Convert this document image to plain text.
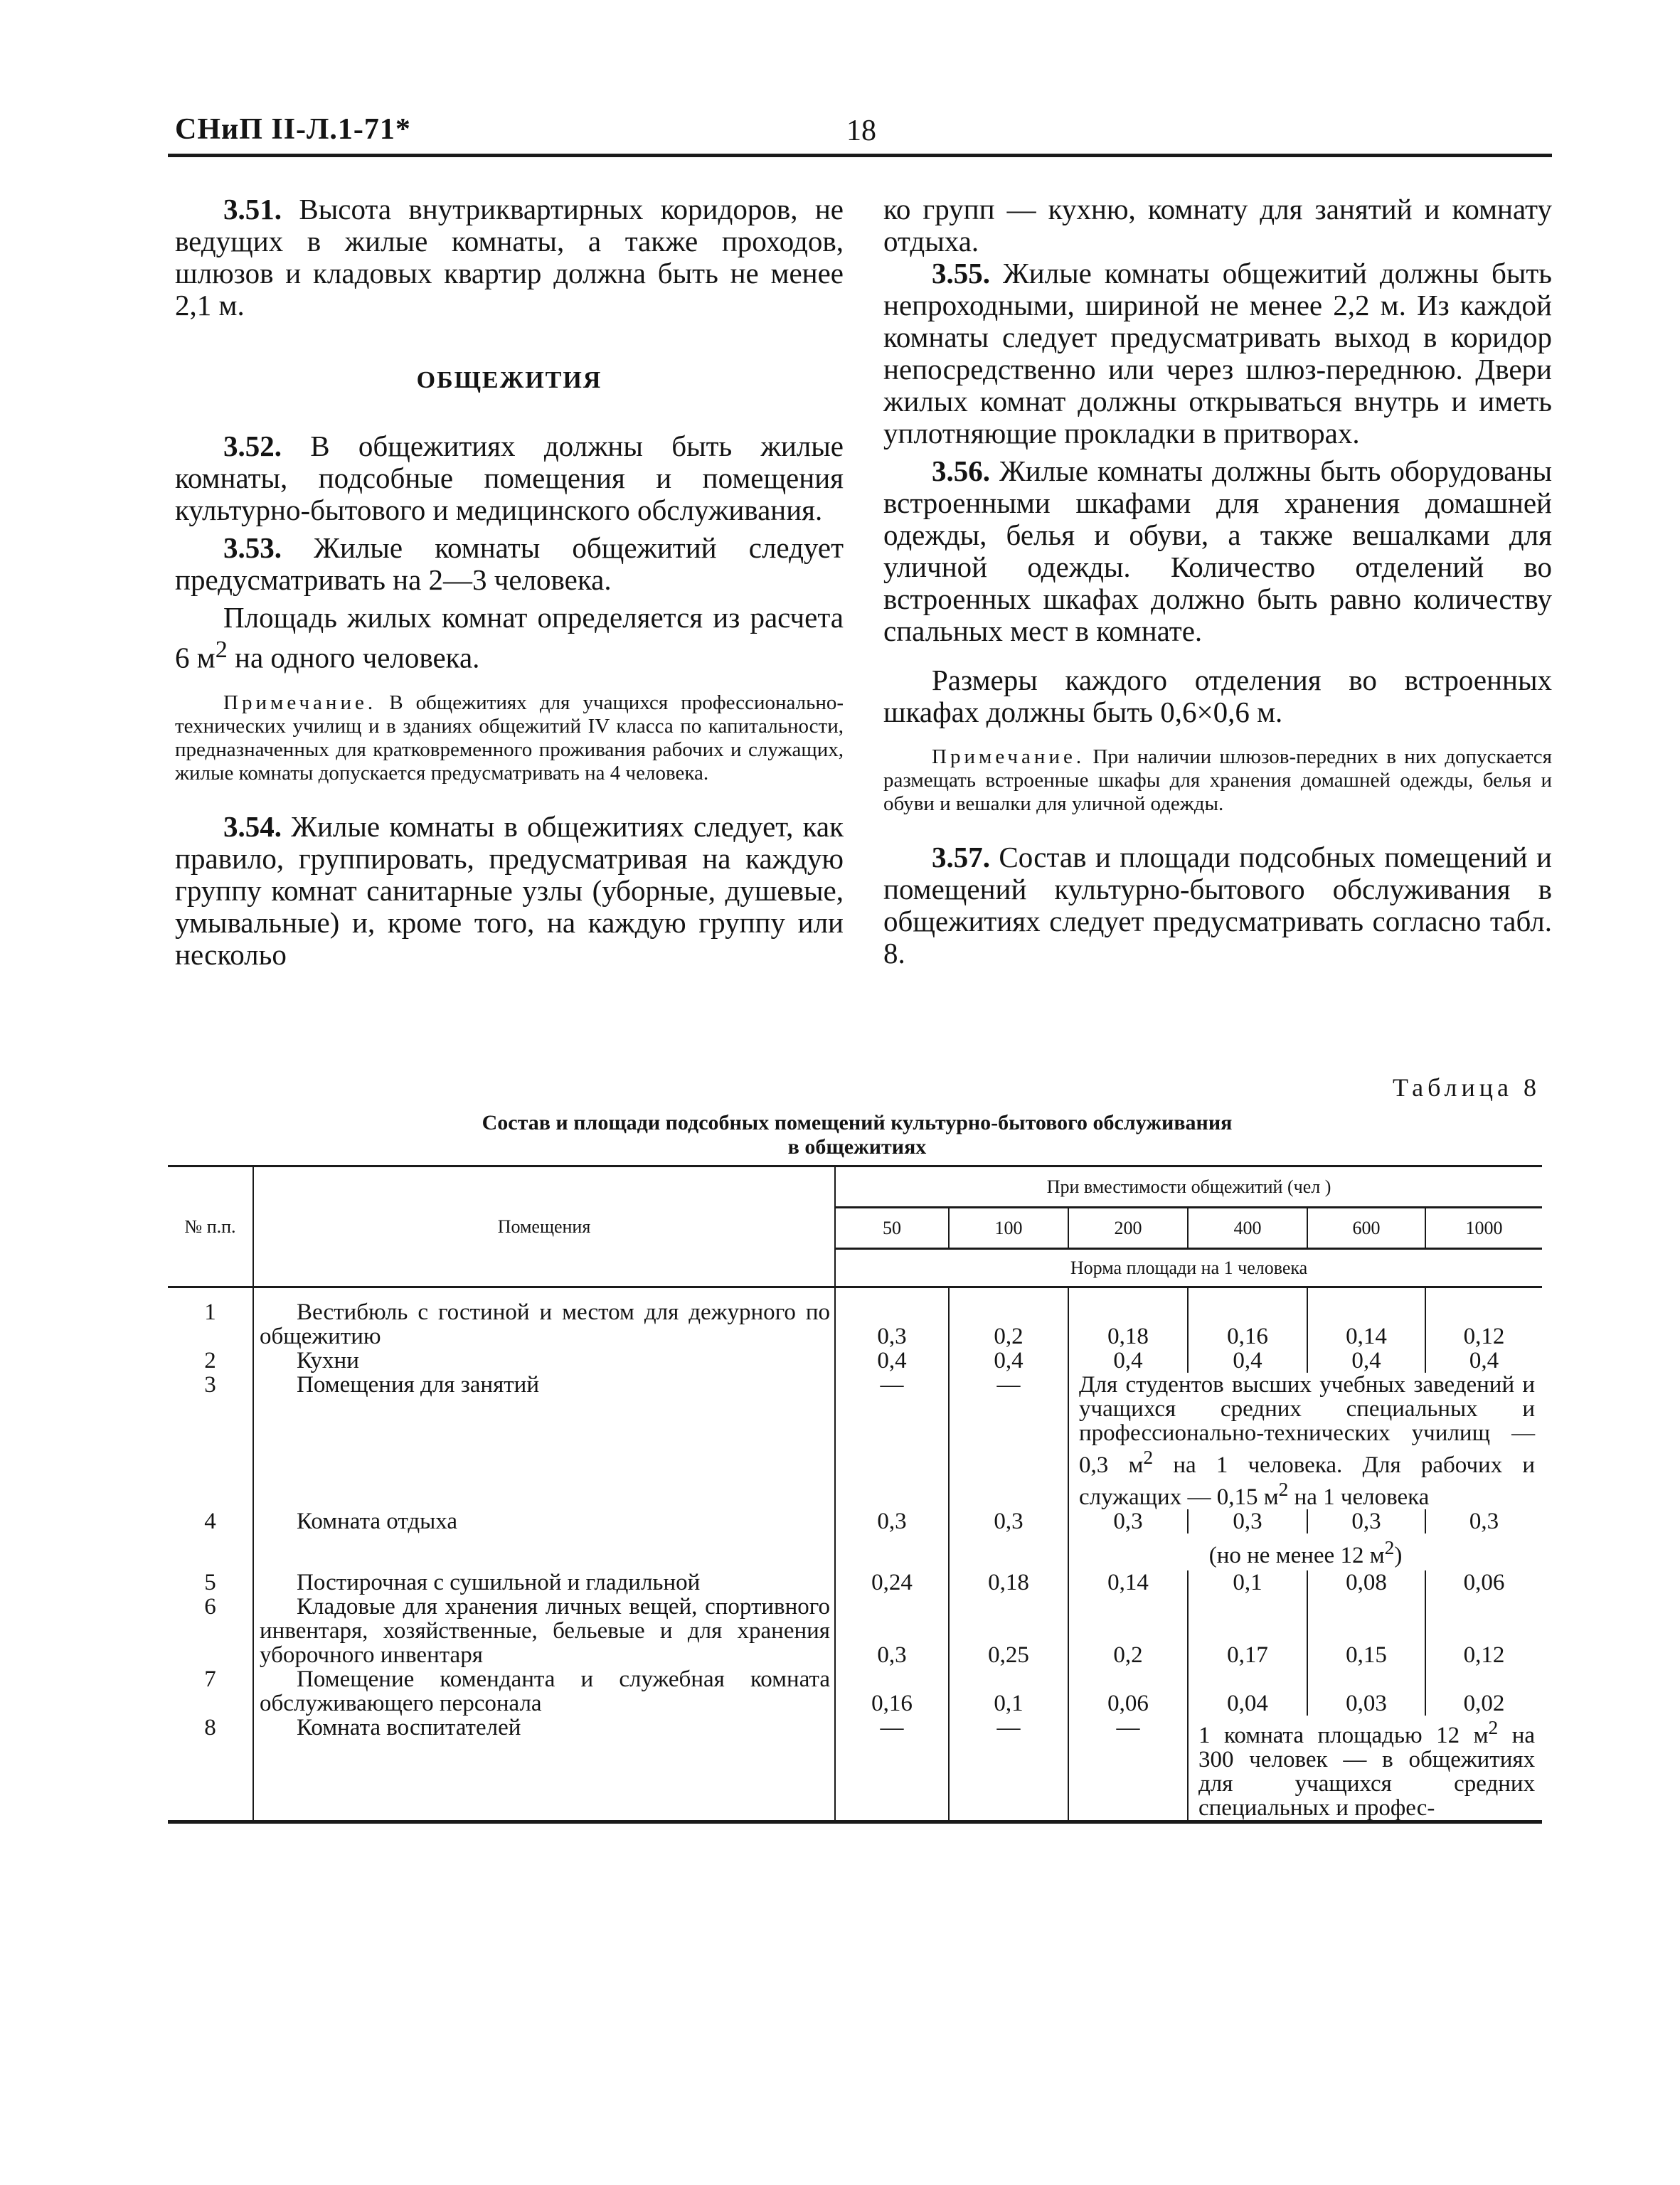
СНиП II-Л.1-71*	18

3.51. Высота внутриквартирных коридоров, не ведущих в жилые комнаты, а также проходов, шлюзов и кладовых квартир должна быть не менее 2,1 м.

ОБЩЕЖИТИЯ

3.52. В общежитиях должны быть жилые комнаты, подсобные помещения и помещения культурно-бытового и медицинского обслуживания.

3.53. Жилые комнаты общежитий следует предусматривать на 2—3 человека.

Площадь жилых комнат определяется из расчета 6 $м^2$ на одного человека.

Примечание. В общежитиях для учащихся профессионально-технических училищ и в зданиях общежитий IV класса по капитальности, предназначенных для кратковременного проживания рабочих и служащих, жилые комнаты допускается предусматривать на 4 человека.

3.54. Жилые комнаты в общежитиях следует, как правило, группировать, предусматривая на каждую группу комнат санитарные узлы (уборные, душевые, умывальные) и, кроме того, на каждую группу или нескольо

ко групп — кухню, комнату для занятий и комнату отдыха.

3.55. Жилые комнаты общежитий должны быть непроходными, шириной не менее 2,2 м. Из каждой комнаты следует предусматривать выход в коридор непосредственно или через шлюз-переднюю. Двери жилых комнат должны открываться внутрь и иметь уплотняющие прокладки в притворах.

3.56. Жилые комнаты должны быть оборудованы встроенными шкафами для хранения домашней одежды, белья и обуви, а также вешалками для уличной одежды. Количество отделений во встроенных шкафах должно быть равно количеству спальных мест в комнате.

Размеры каждого отделения во встроенных шкафах должны быть 0,6×0,6 м.

Примечание. При наличии шлюзов-передних в них допускается размещать встроенные шкафы для хранения домашней одежды, белья и обуви и вешалки для уличной одежды.

3.57. Состав и площади подсобных помещений и помещений культурно-бытового обслуживания в общежитиях следует предусматривать согласно табл. 8.

Таблица 8
Состав и площади подсобных помещений культурно-бытового обслуживания
в общежитиях
№ п.п.	Помещения	При вместимости общежитий (чел )					
		50	100	200	400	600	1000
		Норма площади на 1 человека					

1	Вестибюль с гостиной и местом для дежурного по общежитию	0,3	0,2	0,18	0,16	0,14	0,12
2	Кухни	0,4	0,4	0,4	0,4	0,4	0,4
3	Помещения для занятий	—	—	Для студентов высших учебных заведений и учащихся средних специальных и профессионально-технических училищ — 0,3 $м^2$ на 1 человека. Для рабочих и служащих — 0,15 $м^2$ на 1 человека			
4	Комната отдыха	0,3	0,3	0,3	0,3	0,3	0,3
				(но не менее 12 $м^2$)			
5	Постирочная с сушильной и гладильной	0,24	0,18	0,14	0,1	0,08	0,06
6	Кладовые для хранения личных вещей, спортивного инвентаря, хозяйственные, бельевые и для хранения уборочного инвентаря	0,3	0,25	0,2	0,17	0,15	0,12
7	Помещение коменданта и служебная комната обслуживающего персонала	0,16	0,1	0,06	0,04	0,03	0,02
8	Комната воспитателей	—	—	—	1 комната площадью 12 $м^2$ на 300 человек — в общежитиях для учащихся средних специальных и профес-		
